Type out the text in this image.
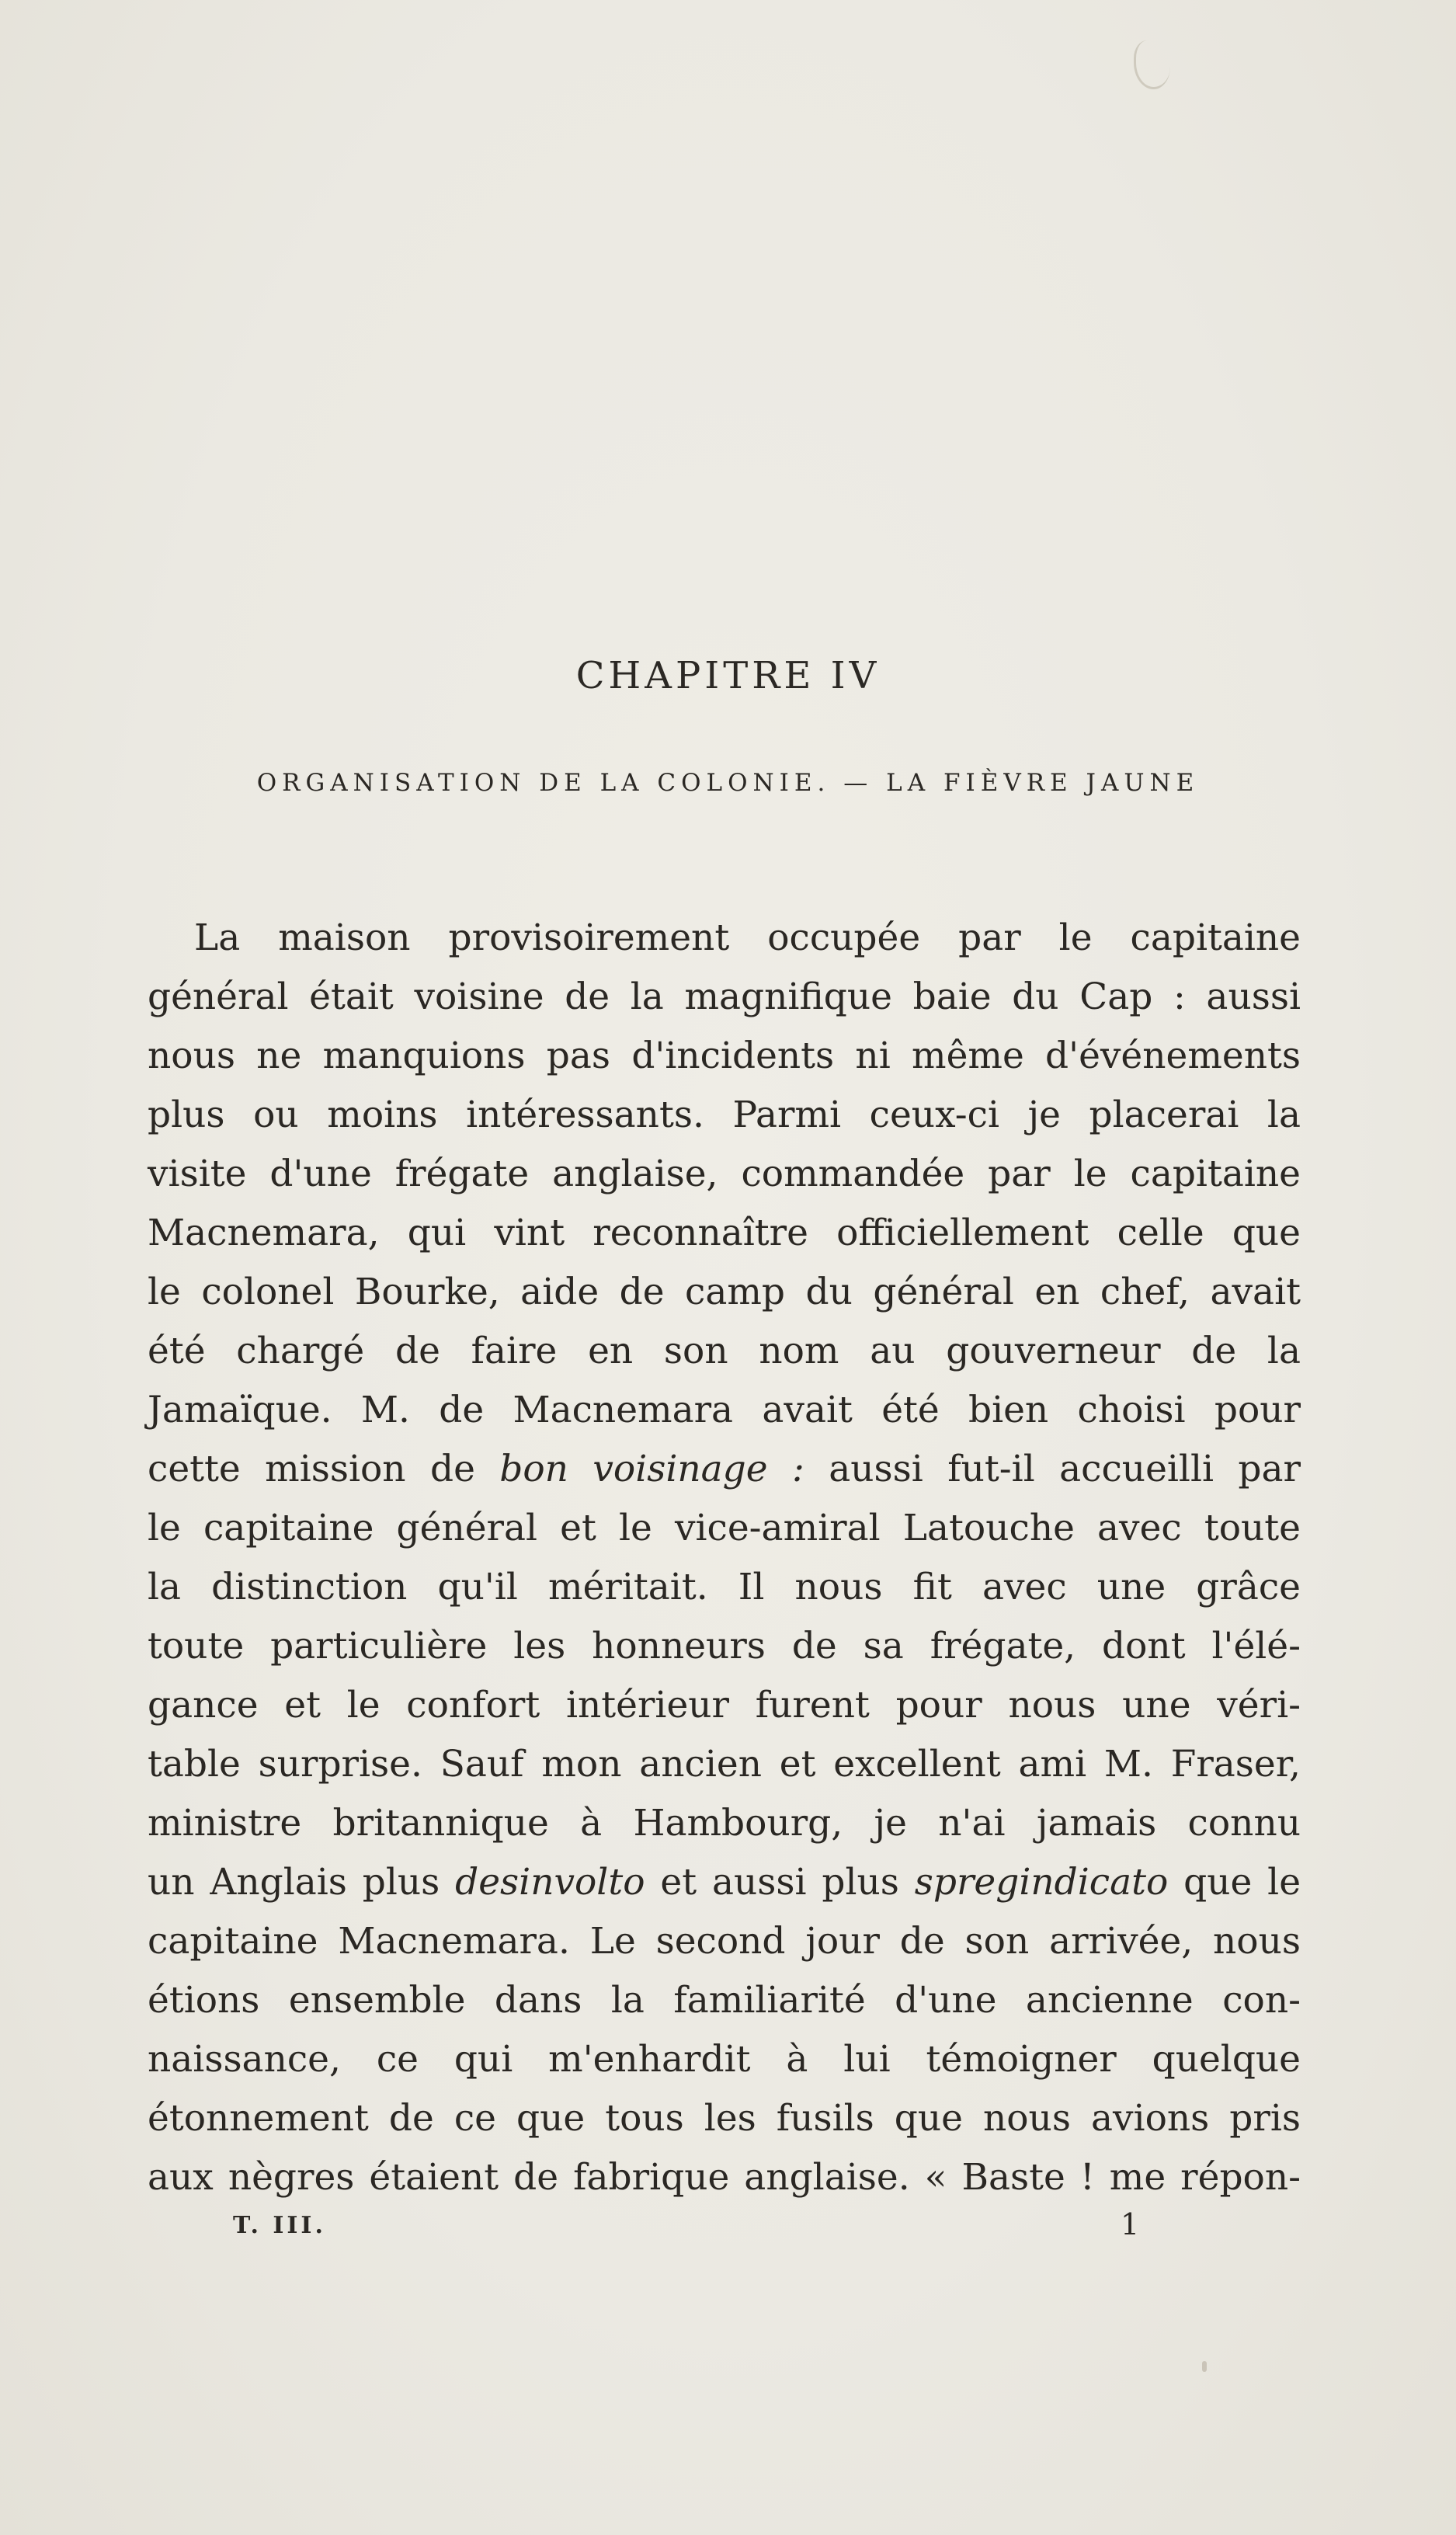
CHAPITRE IV
ORGANISATION DE LA COLONIE. — LA FIÈVRE JAUNE
La maison provisoirement occupée par le capitaine
général était voisine de la magnifique baie du Cap : aussi
nous ne manquions pas d'incidents ni même d'événements
plus ou moins intéressants. Parmi ceux-ci je placerai la
visite d'une frégate anglaise, commandée par le capitaine
Macnemara, qui vint reconnaître officiellement celle que
le colonel Bourke, aide de camp du général en chef, avait
été chargé de faire en son nom au gouverneur de la
Jamaïque. M. de Macnemara avait été bien choisi pour
cette mission de bon voisinage : aussi fut-il accueilli par
le capitaine général et le vice-amiral Latouche avec toute
la distinction qu'il méritait. Il nous fit avec une grâce
toute particulière les honneurs de sa frégate, dont l'élé-
gance et le confort intérieur furent pour nous une véri-
table surprise. Sauf mon ancien et excellent ami M. Fraser,
ministre britannique à Hambourg, je n'ai jamais connu
un Anglais plus desinvolto et aussi plus spregindicato que le
capitaine Macnemara. Le second jour de son arrivée, nous
étions ensemble dans la familiarité d'une ancienne con-
naissance, ce qui m'enhardit à lui témoigner quelque
étonnement de ce que tous les fusils que nous avions pris
aux nègres étaient de fabrique anglaise. « Baste ! me répon-
T. III.	1
